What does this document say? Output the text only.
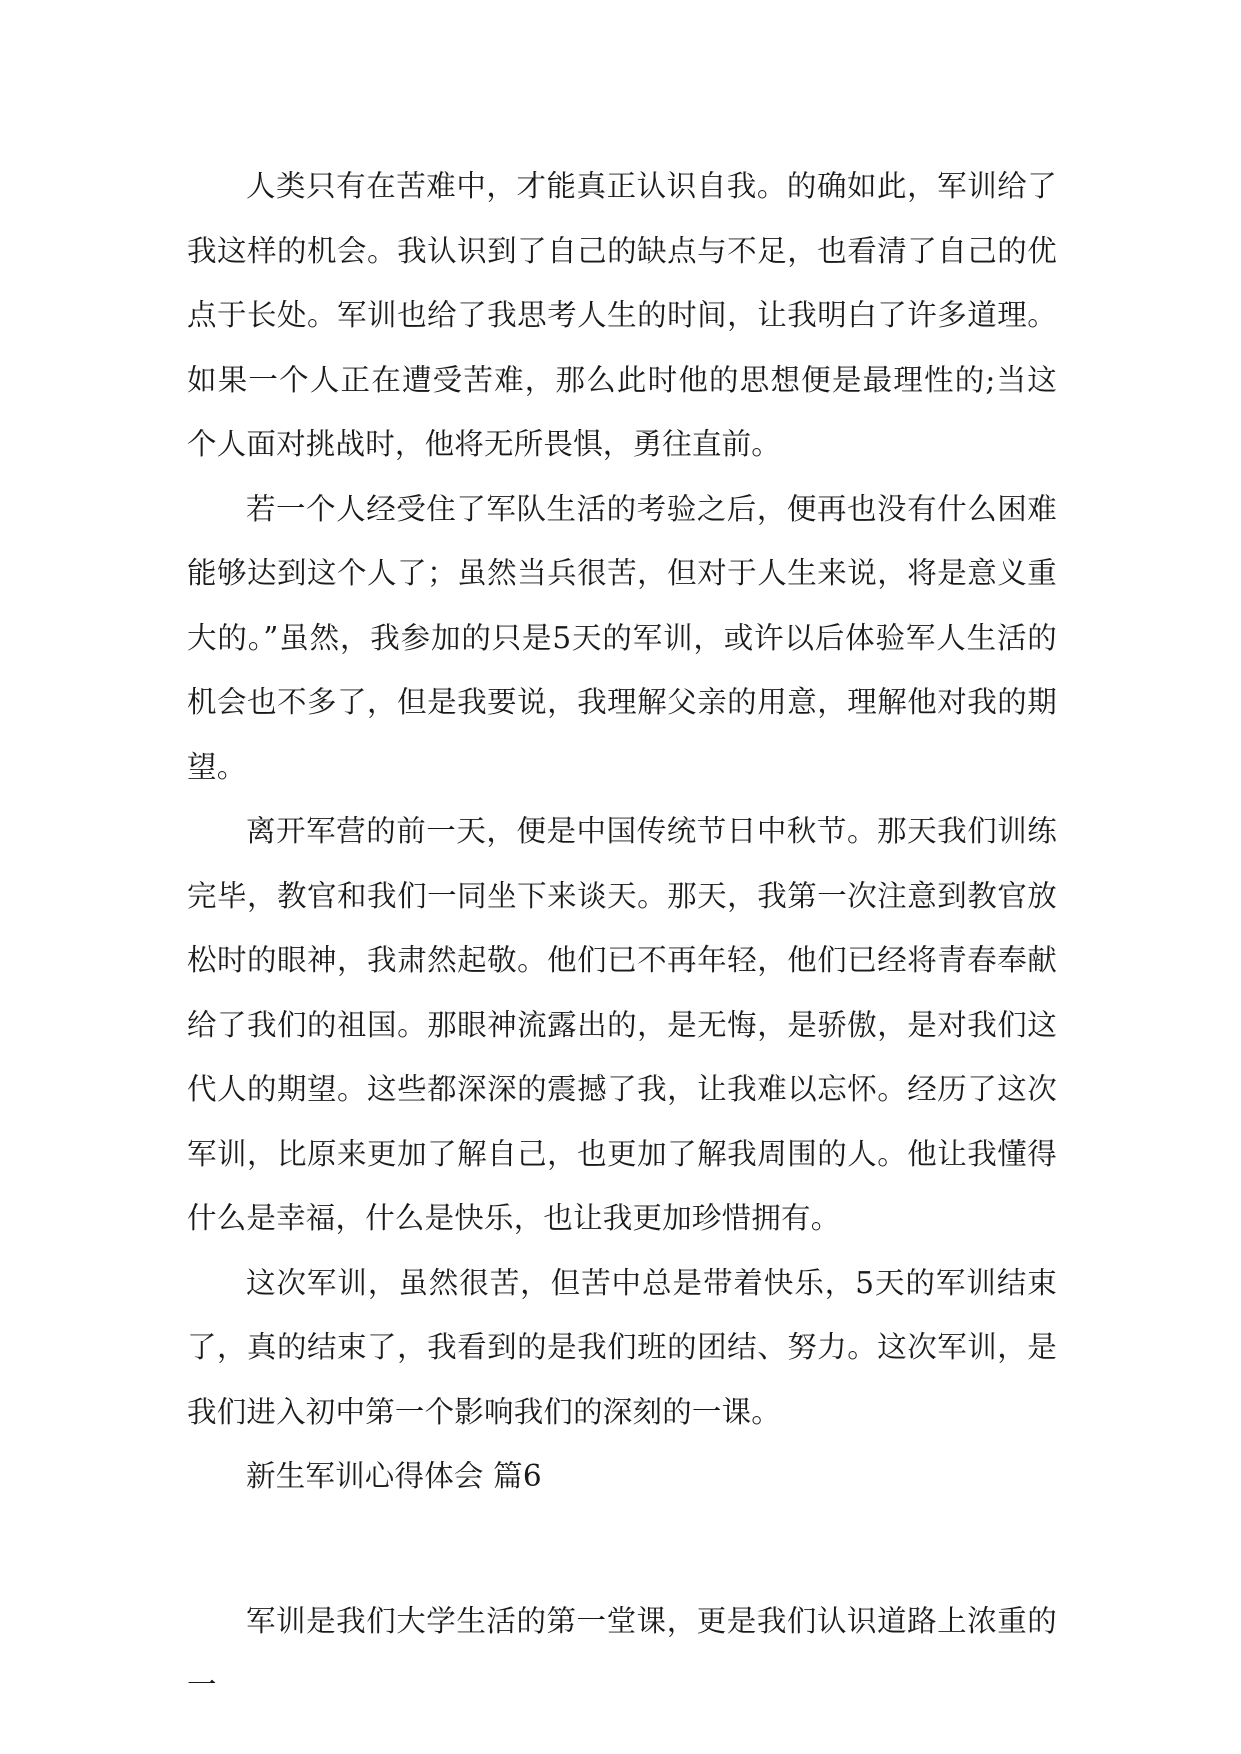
人类只有在苦难中，才能真正认识自我。的确如此，军训给了我这样的机会。我认识到了自己的缺点与不足，也看清了自己的优点于长处。军训也给了我思考人生的时间，让我明白了许多道理。如果一个人正在遭受苦难，那么此时他的思想便是最理性的;当这个人面对挑战时，他将无所畏惧，勇往直前。

若一个人经受住了军队生活的考验之后，便再也没有什么困难能够达到这个人了；虽然当兵很苦，但对于人生来说，将是意义重大的。”虽然，我参加的只是5天的军训，或许以后体验军人生活的机会也不多了，但是我要说，我理解父亲的用意，理解他对我的期望。

离开军营的前一天，便是中国传统节日中秋节。那天我们训练完毕，教官和我们一同坐下来谈天。那天，我第一次注意到教官放松时的眼神，我肃然起敬。他们已不再年轻，他们已经将青春奉献给了我们的祖国。那眼神流露出的，是无悔，是骄傲，是对我们这代人的期望。这些都深深的震撼了我，让我难以忘怀。经历了这次军训，比原来更加了解自己，也更加了解我周围的人。他让我懂得什么是幸福，什么是快乐，也让我更加珍惜拥有。

这次军训，虽然很苦，但苦中总是带着快乐，5天的军训结束了，真的结束了，我看到的是我们班的团结、努力。这次军训，是我们进入初中第一个影响我们的深刻的一课。

新生军训心得体会 篇6

军训是我们大学生活的第一堂课，更是我们认识道路上浓重的一
